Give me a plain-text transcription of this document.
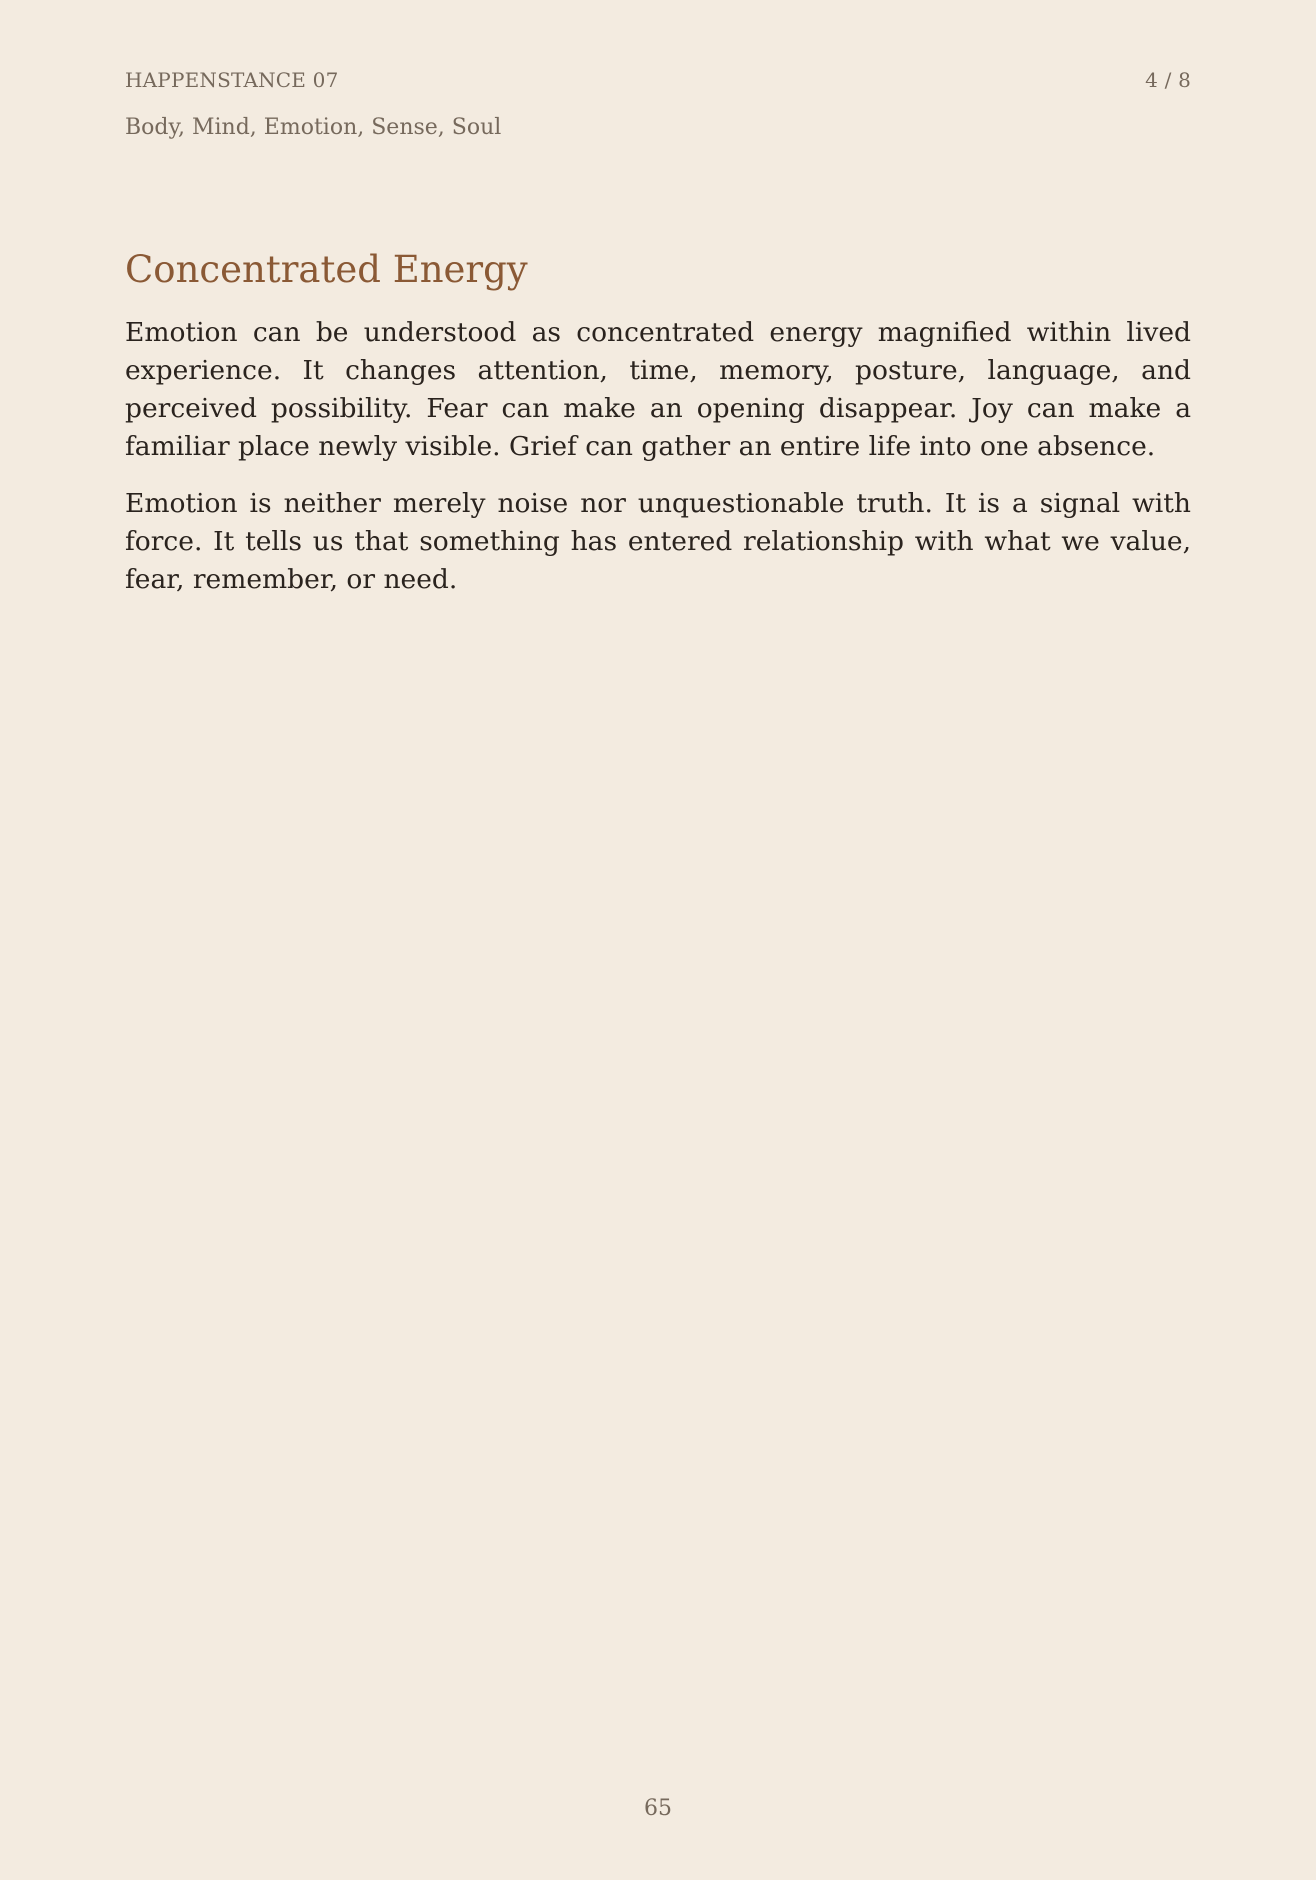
HAPPENSTANCE 07	4 / 8
Body, Mind, Emotion, Sense, Soul
Concentrated Energy

Emotion can be understood as concentrated energy magnified within lived experience. It changes attention, time, memory, posture, language, and perceived possibility. Fear can make an opening disappear. Joy can make a familiar place newly visible. Grief can gather an entire life into one absence.

Emotion is neither merely noise nor unquestionable truth. It is a signal with force. It tells us that something has entered relationship with what we value, fear, remember, or need.

65
